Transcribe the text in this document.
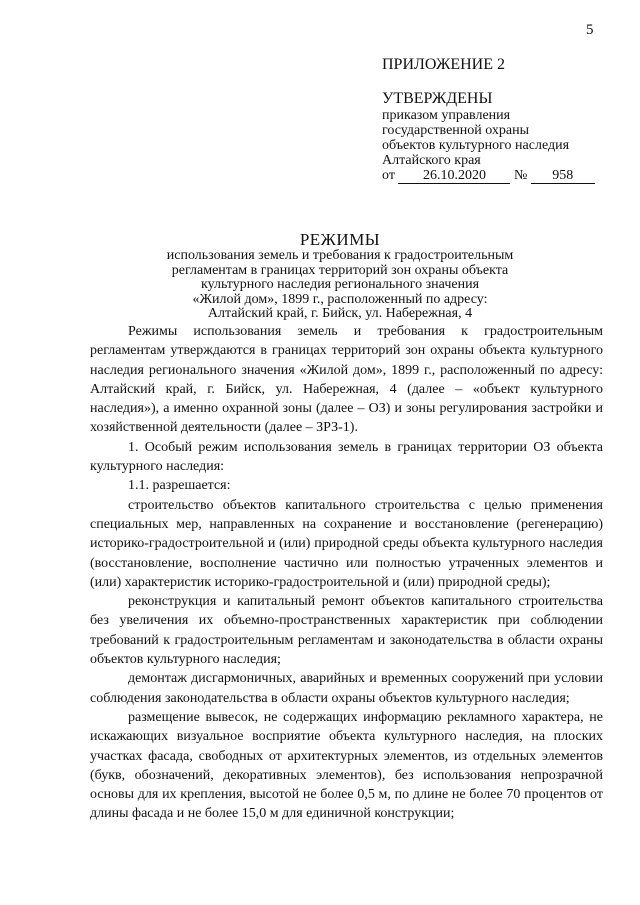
5
ПРИЛОЖЕНИЕ 2
УТВЕРЖДЕНЫ
приказом управления
государственной охраны
объектов культурного наследия
Алтайского края
от 26.10.2020 № 958
РЕЖИМЫ
использования земель и требования к градостроительным
регламентам в границах территорий зон охраны объекта
культурного наследия регионального значения
«Жилой дом», 1899 г., расположенный по адресу:
Алтайский край, г. Бийск, ул. Набережная, 4

Режимы использования земель и требования к градостроительным регламентам утверждаются в границах территорий зон охраны объекта культурного наследия регионального значения «Жилой дом», 1899 г., расположенный по адресу: Алтайский край, г. Бийск, ул. Набережная, 4 (далее – «объект культурного наследия»), а именно охранной зоны (далее – ОЗ) и зоны регулирования застройки и хозяйственной деятельности (далее – ЗРЗ-1).

1. Особый режим использования земель в границах территории ОЗ объекта культурного наследия:

1.1. разрешается:

строительство объектов капитального строительства с целью применения специальных мер, направленных на сохранение и восстановление (регенерацию) историко-градостроительной и (или) природной среды объекта культурного наследия (восстановление, восполнение частично или полностью утраченных элементов и (или) характеристик историко-градостроительной и (или) природной среды);

реконструкция и капитальный ремонт объектов капитального строительства без увеличения их объемно-пространственных характеристик при соблюдении требований к градостроительным регламентам и законодательства в области охраны объектов культурного наследия;

демонтаж дисгармоничных, аварийных и временных сооружений при условии соблюдения законодательства в области охраны объектов культурного наследия;

размещение вывесок, не содержащих информацию рекламного характера, не искажающих визуальное восприятие объекта культурного наследия, на плоских участках фасада, свободных от архитектурных элементов, из отдельных элементов (букв, обозначений, декоративных элементов), без использования непрозрачной основы для их крепления, высотой не более 0,5 м, по длине не более 70 процентов от длины фасада и не более 15,0 м для единичной конструкции;
